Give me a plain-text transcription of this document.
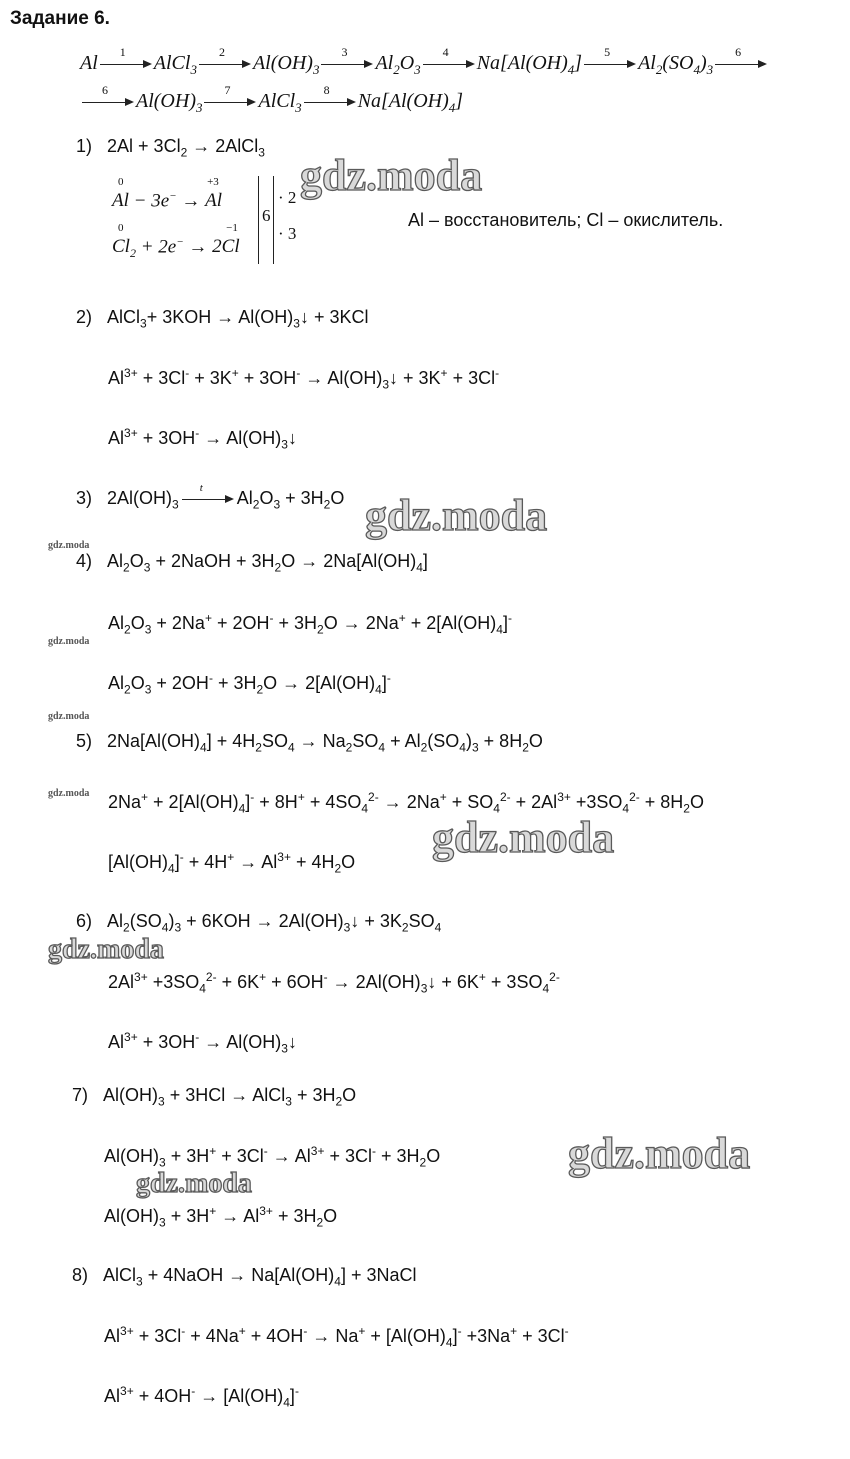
Задание 6.
Al	1	AlCl$_3$
2	$Al(OH)_3$
3	$Al_2O_3$
4	$Na[Al(OH)_4]$	5	$Al_2(SO_4)_3$
6
6	$Al(OH)_3$
7	AlCl$_3$
8	$Na[Al(OH)_4]$
1) $2Al + 3Cl_2$ → 2AlCl$_3$
0
Al − 3e− →
+3
Al
0
$Cl_2 + 2e^-$ →
−1
2Cl
6
· 2
· 3
Al – восстановитель; Cl – окислитель.
2) AlCl$_3$+ $3KOH \to Al(OH)_3↓ + 3KCl$
$Al^{3+} + 3Cl^- + 3K^+ + 3OH^-$ → $Al(OH)_3↓ + 3K^+ + 3Cl^-$
$Al^{3+} + 3OH^-$ → $Al(OH)_3↓$
3) $2Al(OH)_3$
t $Al_2O_3 + 3H_2O$
4) $Al_2O_3$ + 2NaOH + $3H_2O \to 2Na[Al(OH)_4]$
$Al_2O_3 + 2Na^+ + 2OH^- + 3H_2O \to 2Na^+ + 2[Al(OH)_4]^-$
$Al_2O_3 + 2OH^- + 3H_2O \to 2[Al(OH)_4]^-$
5) $2Na[Al(OH)_4] + 4H_2SO_4 \to Na_2SO_4 + Al_2(SO_4)_3 + 8H_2O$
$2Na^+ + 2[Al(OH)_4]^- + 8H^+ + 4SO_4^{2-} \to 2Na^+ + SO_4^{2-} + 2Al^{3+} +3SO_4^{2-} + 8H_2O$
$[Al(OH)_4]^- + 4H^+ \to Al^{3+} + 4H_2O$
6) $Al_2(SO_4)_3 + 6KOH$ → $2Al(OH)_3↓ + 3K_2SO_4$
$2Al^{3+} +3SO_4^{2-} + 6K^+ + 6OH^-$ → $2Al(OH)_3↓ + 6K^+ + 3SO_4^{2-}$
$Al^{3+} + 3OH^-$ → $Al(OH)_3↓$
7) $Al(OH)_3 + 3HCl$ → AlCl$_3$ + $3H_2O$
$Al(OH)_3 + 3H^+ + 3Cl^- \to Al^{3+} + 3Cl^- + 3H_2O$
$Al(OH)_3 + 3H^+ \to Al^{3+} + 3H_2O$
8) AlCl$_3$ + 4NaOH → $Na[Al(OH)_4]$ + 3NaCl
$Al^{3+} + 3Cl^- + 4Na^+ + 4OH^- \to Na^+ + [Al(OH)_4]^- +3Na^+ + 3Cl^-$
$Al^{3+} + 4OH^- \to [Al(OH)_4]^-$
gdz.moda
gdz.moda
gdz.moda
gdz.moda
gdz.moda
gdz.moda
gdz.moda
gdz.moda
gdz.moda
gdz.moda
